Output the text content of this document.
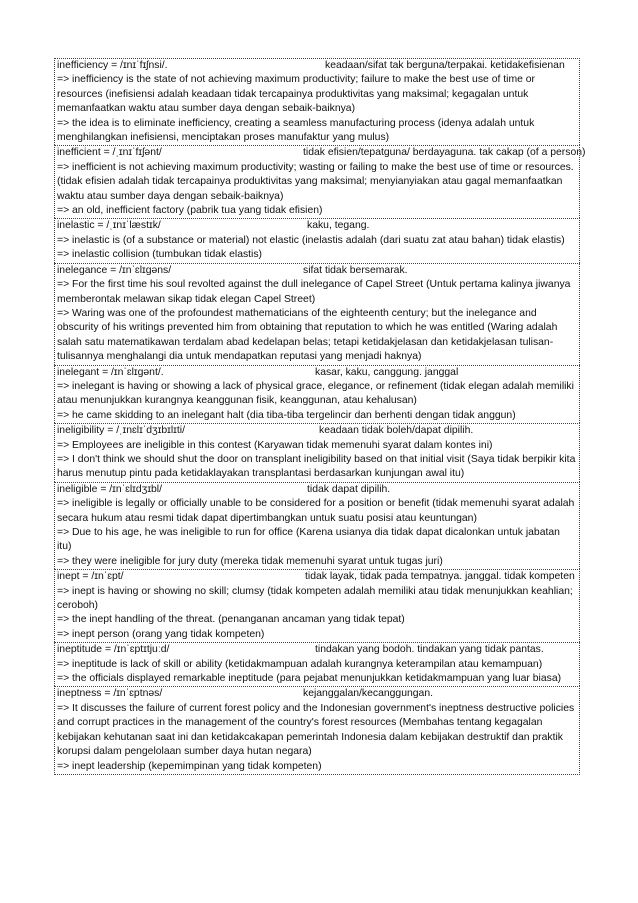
inefficiency = /ɪnɪˈfɪʃnsi/.	keadaan/sifat tak berguna/terpakai. ketidakefisienan

=> inefficiency is the state of not achieving maximum productivity; failure to make the best use of time or resources (inefisiensi adalah keadaan tidak tercapainya produktivitas yang maksimal; kegagalan untuk memanfaatkan waktu atau sumber daya dengan sebaik-baiknya)

=> the idea is to eliminate inefficiency, creating a seamless manufacturing process (idenya adalah untuk menghilangkan inefisiensi, menciptakan proses manufaktur yang mulus)

inefficient = /ˌɪnɪˈfɪʃənt/	tidak efisien/tepatguna/ berdayaguna. tak cakap (of a person)

=> inefficient is not achieving maximum productivity; wasting or failing to make the best use of time or resources. (tidak efisien adalah tidak tercapainya produktivitas yang maksimal; menyianyiakan atau gagal memanfaatkan waktu atau sumber daya dengan sebaik-baiknya)

=> an old, inefficient factory (pabrik tua yang tidak efisien)

inelastic = /ˌɪnɪˈlæstɪk/	kaku, tegang.

=> inelastic is (of a substance or material) not elastic (inelastis adalah (dari suatu zat atau bahan) tidak elastis)

=> inelastic collision (tumbukan tidak elastis)

inelegance = /ɪnˈɛlɪɡəns/	sifat tidak bersemarak.

=> For the first time his soul revolted against the dull inelegance of Capel Street (Untuk pertama kalinya jiwanya memberontak melawan sikap tidak elegan Capel Street)

=> Waring was one of the profoundest mathematicians of the eighteenth century; but the inelegance and obscurity of his writings prevented him from obtaining that reputation to which he was entitled (Waring adalah salah satu matematikawan terdalam abad kedelapan belas; tetapi ketidakjelasan dan ketidakjelasan tulisan-tulisannya menghalangi dia untuk mendapatkan reputasi yang menjadi haknya)

inelegant = /ɪnˈɛlɪɡənt/.	kasar, kaku, canggung. janggal

=> inelegant is having or showing a lack of physical grace, elegance, or refinement (tidak elegan adalah memiliki atau menunjukkan kurangnya keanggunan fisik, keanggunan, atau kehalusan)

=> he came skidding to an inelegant halt (dia tiba-tiba tergelincir dan berhenti dengan tidak anggun)

ineligibility = /ˌɪnɛlɪˈdʒɪbɪlɪti/	keadaan tidak boleh/dapat dipilih.

=> Employees are ineligible in this contest (Karyawan tidak memenuhi syarat dalam kontes ini)

=> I don't think we should shut the door on transplant ineligibility based on that initial visit (Saya tidak berpikir kita harus menutup pintu pada ketidaklayakan transplantasi berdasarkan kunjungan awal itu)

ineligible = /ɪnˈɛlɪdʒɪbl/	tidak dapat dipilih.

=> ineligible is legally or officially unable to be considered for a position or benefit (tidak memenuhi syarat adalah secara hukum atau resmi tidak dapat dipertimbangkan untuk suatu posisi atau keuntungan)

=> Due to his age, he was ineligible to run for office (Karena usianya dia tidak dapat dicalonkan untuk jabatan itu)

=> they were ineligible for jury duty (mereka tidak memenuhi syarat untuk tugas juri)

inept = /ɪnˈɛpt/	tidak layak, tidak pada tempatnya. janggal. tidak kompeten

=> inept is having or showing no skill; clumsy (tidak kompeten adalah memiliki atau tidak menunjukkan keahlian; ceroboh)

=> the inept handling of the threat. (penanganan ancaman yang tidak tepat)

=> inept person (orang yang tidak kompeten)

ineptitude = /ɪnˈɛptɪtjuːd/	tindakan yang bodoh. tindakan yang tidak pantas.

=> ineptitude is lack of skill or ability (ketidakmampuan adalah kurangnya keterampilan atau kemampuan)

=> the officials displayed remarkable ineptitude (para pejabat menunjukkan ketidakmampuan yang luar biasa)

ineptness = /ɪnˈɛptnəs/	kejanggalan/kecanggungan.

=> It discusses the failure of current forest policy and the Indonesian government's ineptness destructive policies and corrupt practices in the management of the country's forest resources (Membahas tentang kegagalan kebijakan kehutanan saat ini dan ketidakcakapan pemerintah Indonesia dalam kebijakan destruktif dan praktik korupsi dalam pengelolaan sumber daya hutan negara)

=> inept leadership (kepemimpinan yang tidak kompeten)
